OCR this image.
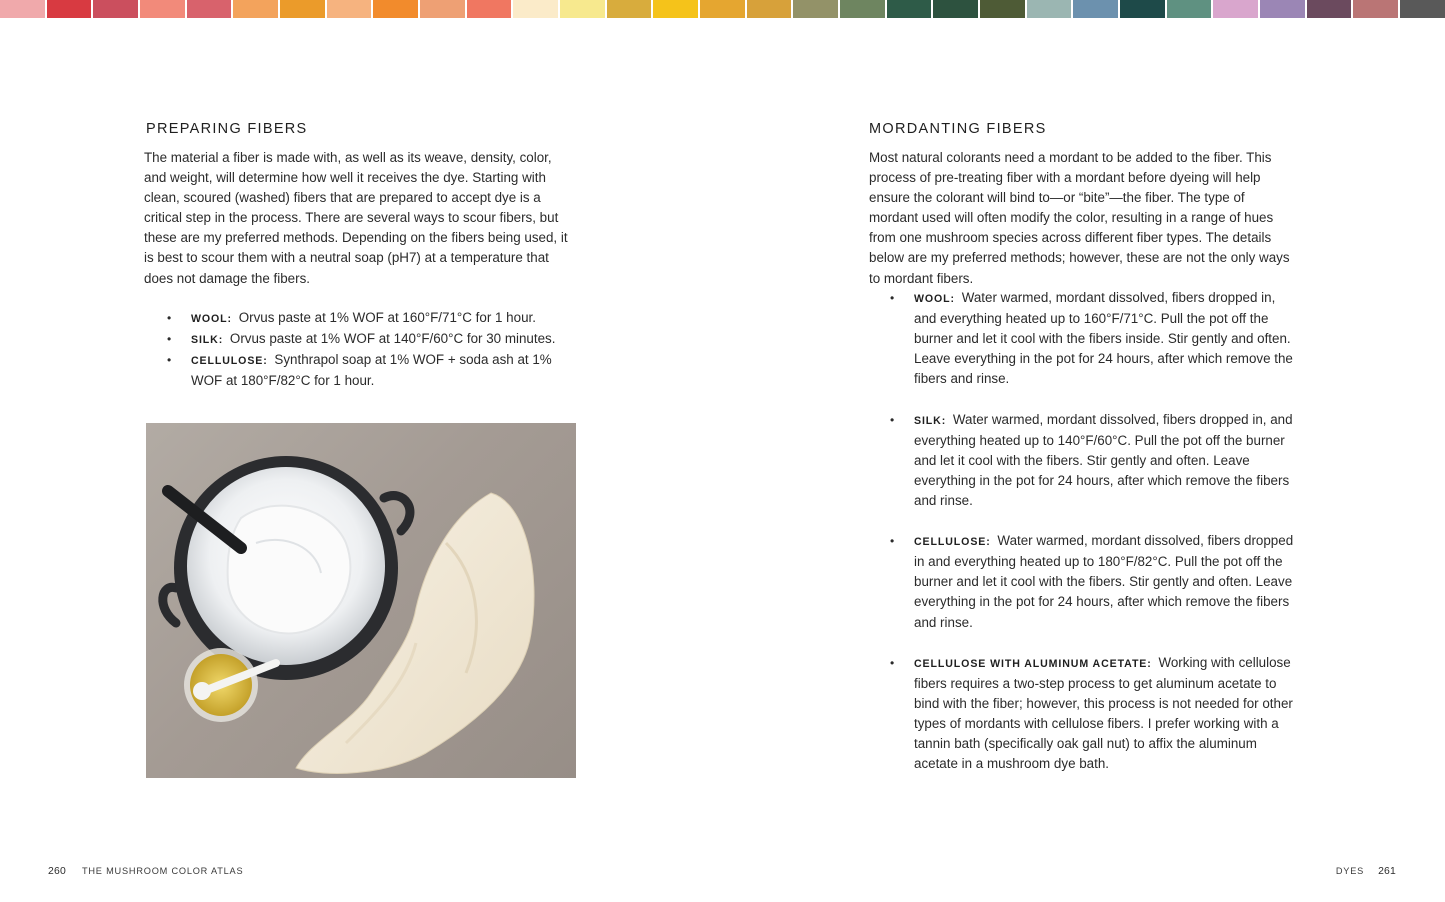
PREPARING FIBERS

The material a fiber is made with, as well as its weave, density, color, and weight, will determine how well it receives the dye. Starting with clean, scoured (washed) fibers that are prepared to accept dye is a critical step in the process. There are several ways to scour fibers, but these are my preferred methods. Depending on the fibers being used, it is best to scour them with a neutral soap (pH7) at a temperature that does not damage the fibers.

• WOOL: Orvus paste at 1% WOF at 160°F/71°C for 1 hour.
• SILK: Orvus paste at 1% WOF at 140°F/60°C for 30 minutes.
• CELLULOSE: Synthrapol soap at 1% WOF + soda ash at 1% WOF at 180°F/82°C for 1 hour.
MORDANTING FIBERS

Most natural colorants need a mordant to be added to the fiber. This process of pre-treating fiber with a mordant before dyeing will help ensure the colorant will bind to—or “bite”—the fiber. The type of mordant used will often modify the color, resulting in a range of hues from one mushroom species across different fiber types. The details below are my preferred methods; however, these are not the only ways to mordant fibers.

• WOOL: Water warmed, mordant dissolved, fibers dropped in, and everything heated up to 160°F/71°C. Pull the pot off the burner and let it cool with the fibers inside. Stir gently and often. Leave everything in the pot for 24 hours, after which remove the fibers and rinse.
• SILK: Water warmed, mordant dissolved, fibers dropped in, and everything heated up to 140°F/60°C. Pull the pot off the burner and let it cool with the fibers. Stir gently and often. Leave everything in the pot for 24 hours, after which remove the fibers and rinse.
• CELLULOSE: Water warmed, mordant dissolved, fibers dropped in and everything heated up to 180°F/82°C. Pull the pot off the burner and let it cool with the fibers. Stir gently and often. Leave everything in the pot for 24 hours, after which remove the fibers and rinse.
• CELLULOSE WITH ALUMINUM ACETATE: Working with cellulose fibers requires a two-step process to get aluminum acetate to bind with the fiber; however, this process is not needed for other types of mordants with cellulose fibers. I prefer working with a tannin bath (specifically oak gall nut) to affix the aluminum acetate in a mushroom dye bath.
260 THE MUSHROOM COLOR ATLAS	DYES 261
